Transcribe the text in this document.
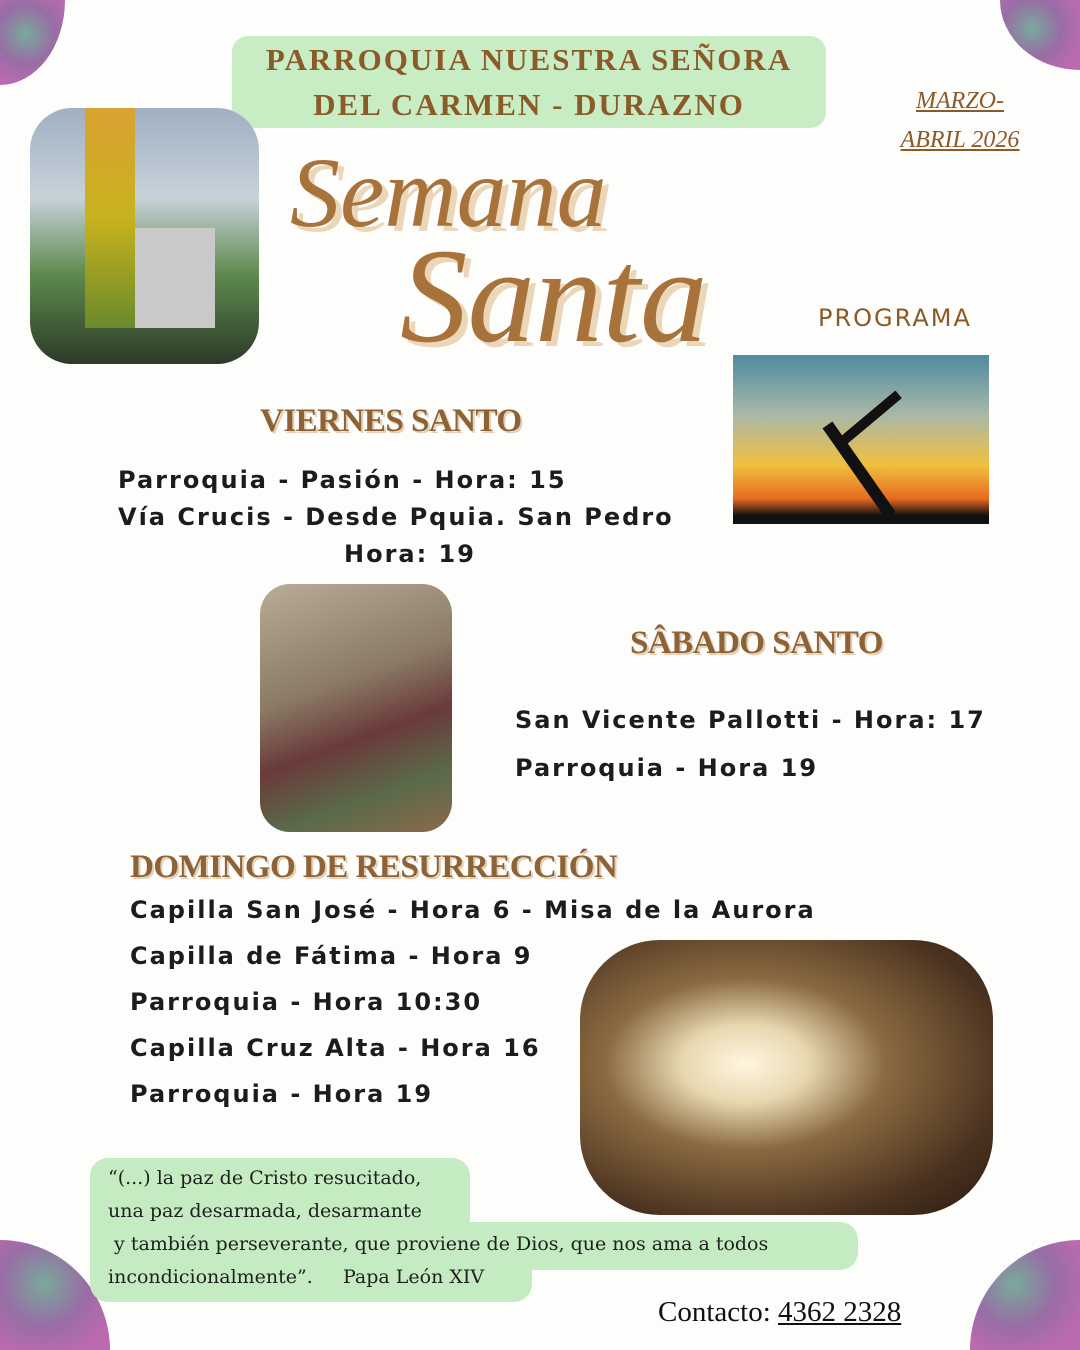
PARROQUIA NUESTRA SEÑORA
DEL CARMEN - DURAZNO	MARZO-
ABRIL 2026
Semana
Santa	PROGRAMA
VIERNES SANTO
Parroquia - Pasión - Hora: 15
Vía Crucis - Desde Pquia. San Pedro
Hora: 19
SÂBADO SANTO
San Vicente Pallotti - Hora: 17
Parroquia - Hora 19
DOMINGO DE RESURRECCIÓN
Capilla San José - Hora 6 - Misa de la Aurora
Capilla de Fátima - Hora 9
Parroquia - Hora 10:30
Capilla Cruz Alta - Hora 16
Parroquia - Hora 19
“(...) la paz de Cristo resucitado,
una paz desarmada, desarmante
y también perseverante, que proviene de Dios, que nos ama a todos
incondicionalmente”.     Papa León XIV
Contacto: 4362 2328
